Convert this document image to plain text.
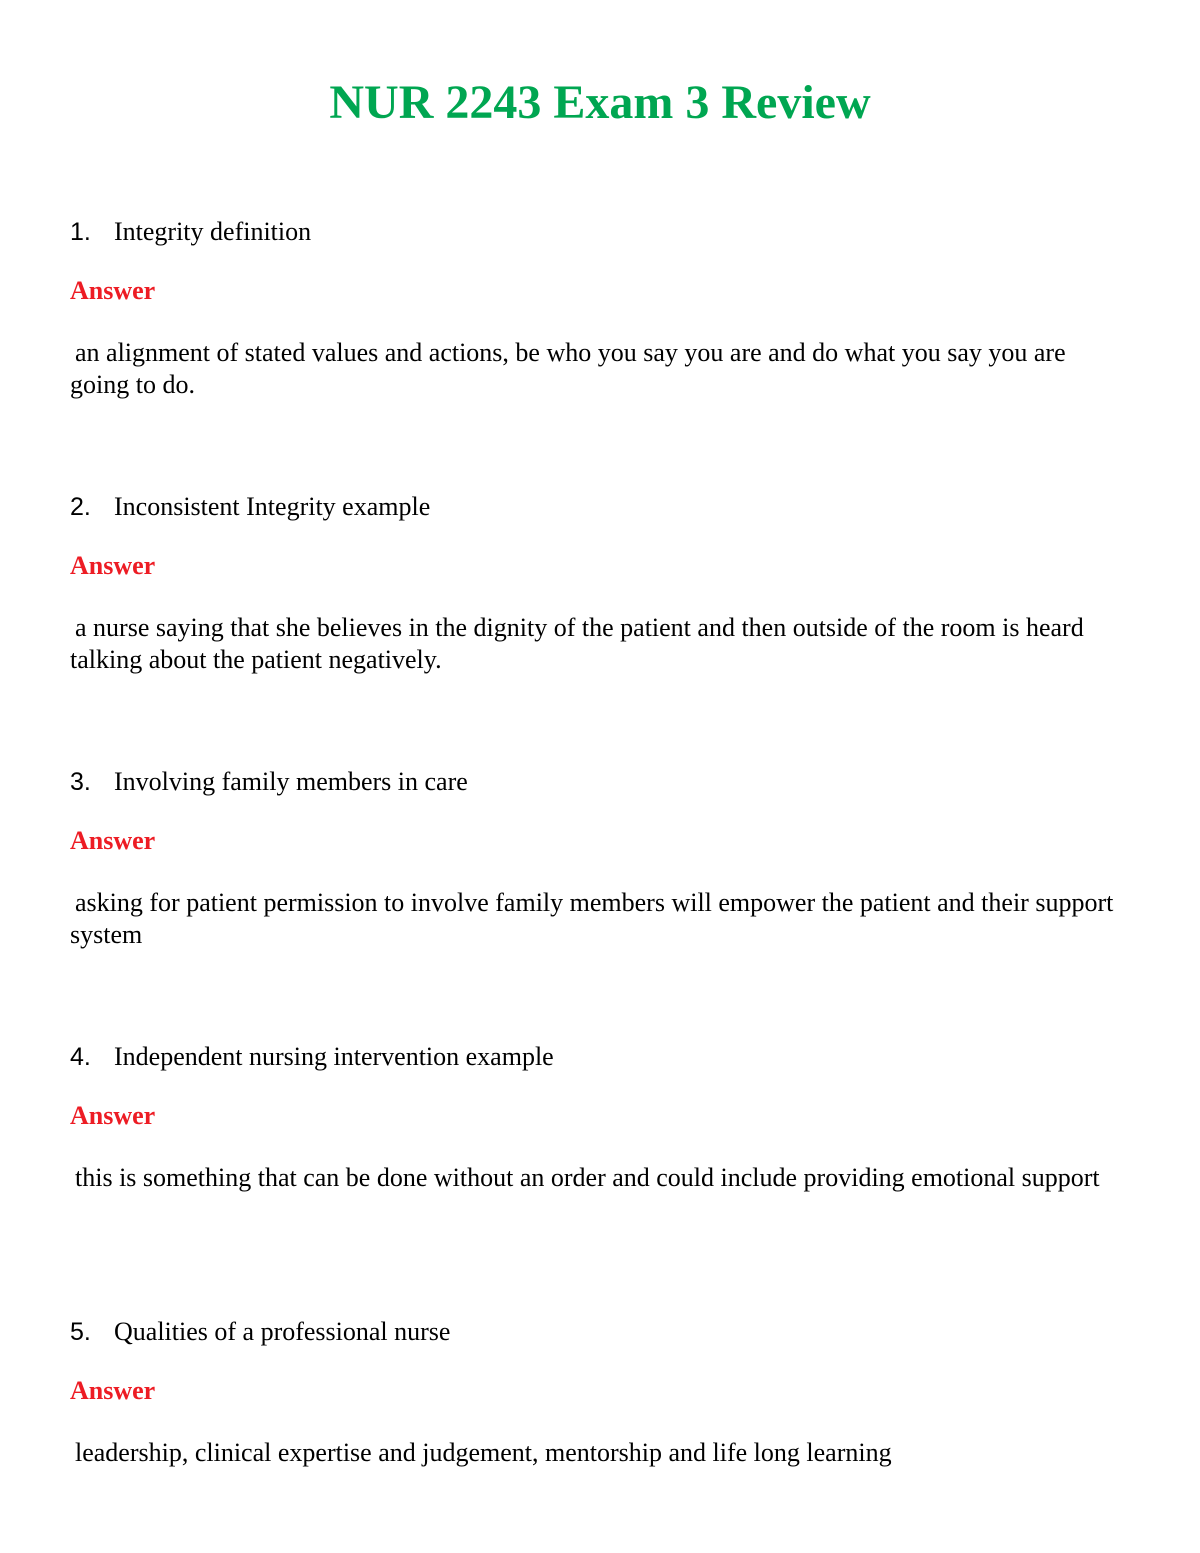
NUR 2243 Exam 3 Review
1. Integrity definition
Answer
an alignment of stated values and actions, be who you say you are and do what you say you are going to do.
2. Inconsistent Integrity example
Answer
a nurse saying that she believes in the dignity of the patient and then outside of the room is heard talking about the patient negatively.
3. Involving family members in care
Answer
asking for patient permission to involve family members will empower the patient and their support system
4. Independent nursing intervention example
Answer
this is something that can be done without an order and could include providing emotional support
5. Qualities of a professional nurse
Answer
leadership, clinical expertise and judgement, mentorship and life long learning
